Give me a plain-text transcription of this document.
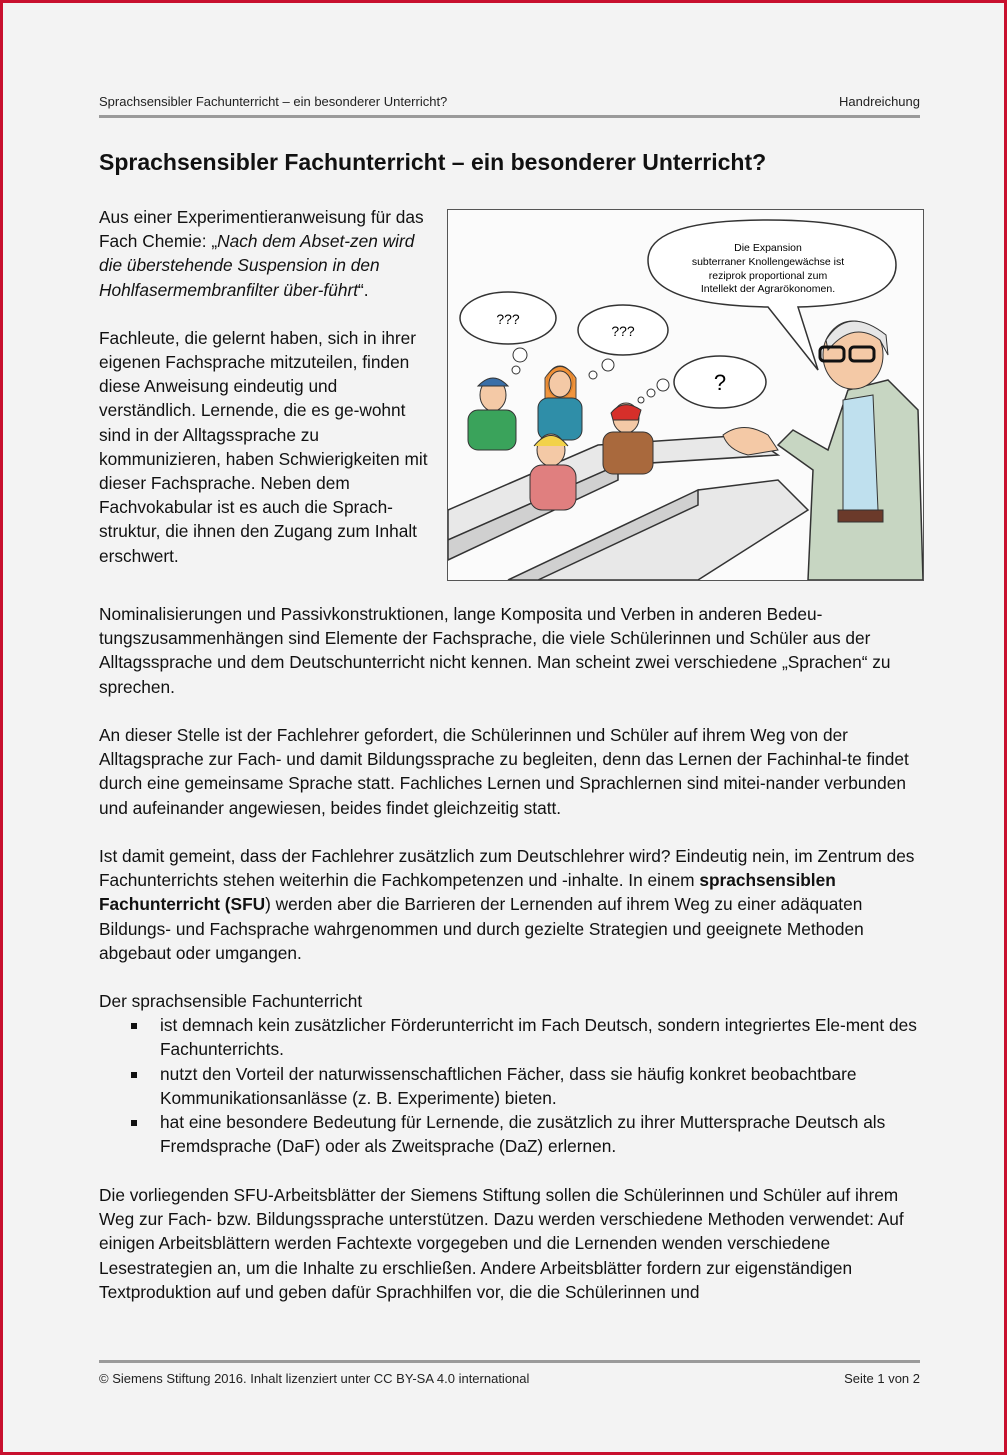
Sprachsensibler Fachunterricht – ein besonderer Unterricht?	Handreichung
Sprachsensibler Fachunterricht – ein besonderer Unterricht?

Aus einer Experimentieranweisung für das Fach Chemie: „Nach dem Abset-zen wird die überstehende Suspension in den Hohlfasermembranfilter über-führt“.

Fachleute, die gelernt haben, sich in ihrer eigenen Fachsprache mitzuteilen, finden diese Anweisung eindeutig und verständlich. Lernende, die es ge-wohnt sind in der Alltagssprache zu kommunizieren, haben Schwierigkeiten mit dieser Fachsprache. Neben dem Fachvokabular ist es auch die Sprach-struktur, die ihnen den Zugang zum Inhalt erschwert.

Die Expansion
subterraner Knollengewächse ist
reziprok proportional zum
Intellekt der Agrarökonomen.
???
???
?

Nominalisierungen und Passivkonstruktionen, lange Komposita und Verben in anderen Bedeu-tungszusammenhängen sind Elemente der Fachsprache, die viele Schülerinnen und Schüler aus der Alltagssprache und dem Deutschunterricht nicht kennen. Man scheint zwei verschiedene „Sprachen“ zu sprechen.

An dieser Stelle ist der Fachlehrer gefordert, die Schülerinnen und Schüler auf ihrem Weg von der Alltagsprache zur Fach- und damit Bildungssprache zu begleiten, denn das Lernen der Fachinhal-te findet durch eine gemeinsame Sprache statt. Fachliches Lernen und Sprachlernen sind mitei-nander verbunden und aufeinander angewiesen, beides findet gleichzeitig statt.

Ist damit gemeint, dass der Fachlehrer zusätzlich zum Deutschlehrer wird? Eindeutig nein, im Zentrum des Fachunterrichts stehen weiterhin die Fachkompetenzen und -inhalte. In einem sprachsensiblen Fachunterricht (SFU) werden aber die Barrieren der Lernenden auf ihrem Weg zu einer adäquaten Bildungs- und Fachsprache wahrgenommen und durch gezielte Strategien und geeignete Methoden abgebaut oder umgangen.

Der sprachsensible Fachunterricht
ist demnach kein zusätzlicher Förderunterricht im Fach Deutsch, sondern integriertes Ele-ment des Fachunterrichts.
nutzt den Vorteil der naturwissenschaftlichen Fächer, dass sie häufig konkret beobachtbare Kommunikationsanlässe (z. B. Experimente) bieten.
hat eine besondere Bedeutung für Lernende, die zusätzlich zu ihrer Muttersprache Deutsch als Fremdsprache (DaF) oder als Zweitsprache (DaZ) erlernen.

Die vorliegenden SFU-Arbeitsblätter der Siemens Stiftung sollen die Schülerinnen und Schüler auf ihrem Weg zur Fach- bzw. Bildungssprache unterstützen. Dazu werden verschiedene Methoden verwendet: Auf einigen Arbeitsblättern werden Fachtexte vorgegeben und die Lernenden wenden verschiedene Lesestrategien an, um die Inhalte zu erschließen. Andere Arbeitsblätter fordern zur eigenständigen Textproduktion auf und geben dafür Sprachhilfen vor, die die Schülerinnen und

© Siemens Stiftung 2016. Inhalt lizenziert unter CC BY-SA 4.0 international	Seite 1 von 2
